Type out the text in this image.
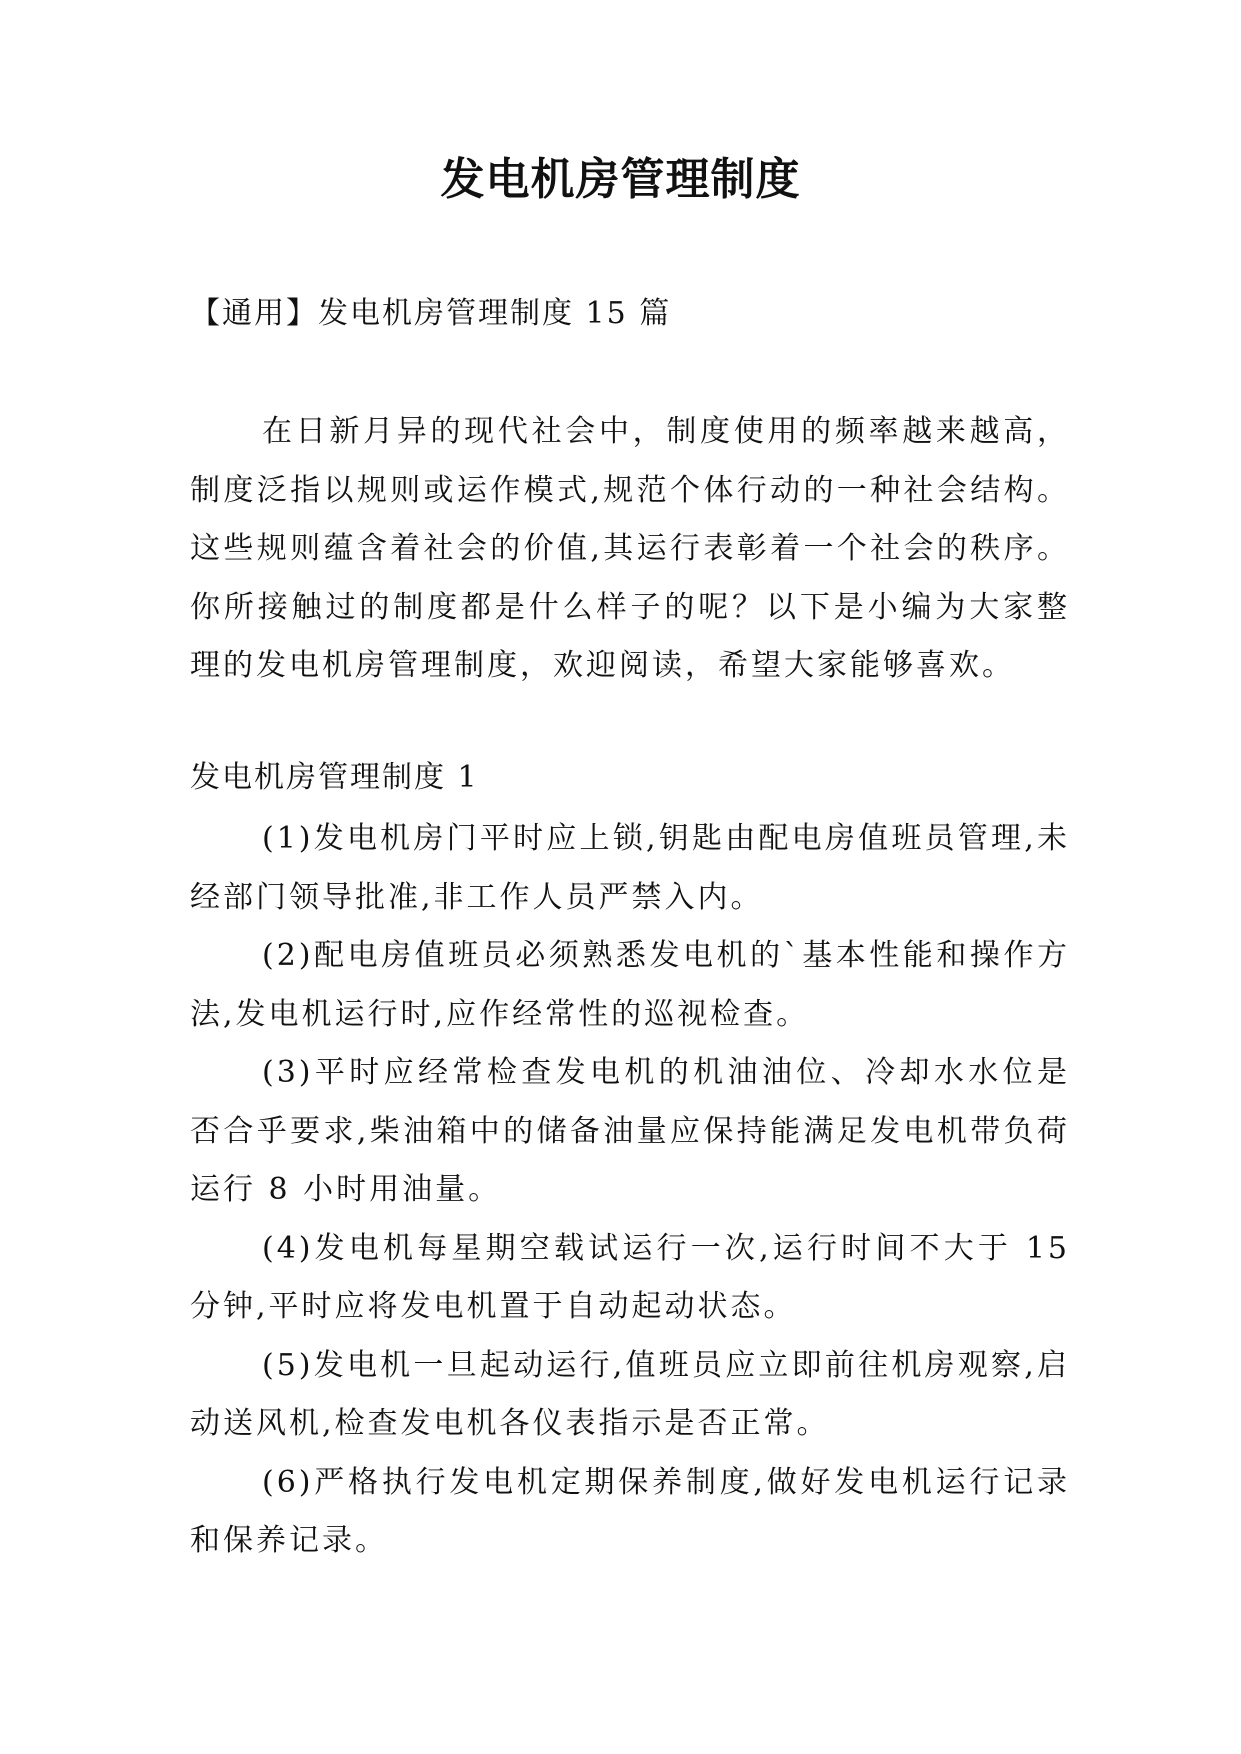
发电机房管理制度

【通用】发电机房管理制度 15 篇

在日新月异的现代社会中，制度使用的频率越来越高，制度泛指以规则或运作模式,规范个体行动的一种社会结构。这些规则蕴含着社会的价值,其运行表彰着一个社会的秩序。你所接触过的制度都是什么样子的呢？以下是小编为大家整理的发电机房管理制度，欢迎阅读，希望大家能够喜欢。

发电机房管理制度 1

(1)发电机房门平时应上锁,钥匙由配电房值班员管理,未经部门领导批准,非工作人员严禁入内。

(2)配电房值班员必须熟悉发电机的`基本性能和操作方法,发电机运行时,应作经常性的巡视检查。

(3)平时应经常检查发电机的机油油位、冷却水水位是否合乎要求,柴油箱中的储备油量应保持能满足发电机带负荷运行 8 小时用油量。

(4)发电机每星期空载试运行一次,运行时间不大于 15 分钟,平时应将发电机置于自动起动状态。

(5)发电机一旦起动运行,值班员应立即前往机房观察,启动送风机,检查发电机各仪表指示是否正常。

(6)严格执行发电机定期保养制度,做好发电机运行记录和保养记录。
